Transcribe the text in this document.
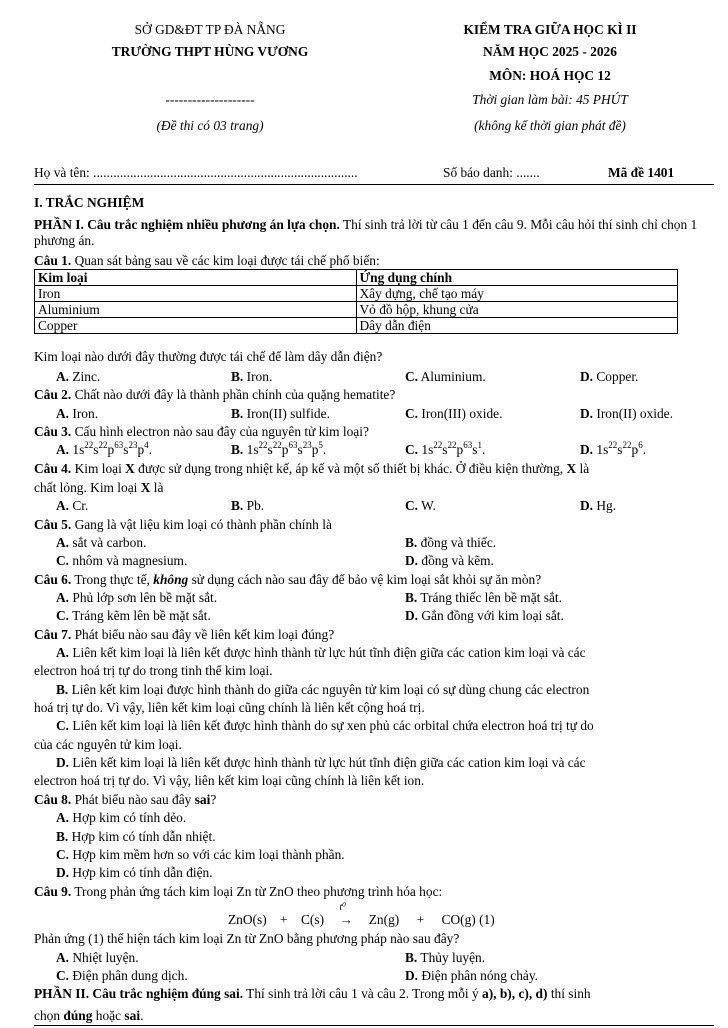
SỞ GD&ĐT TP ĐÀ NẴNG
TRƯỜNG THPT HÙNG VƯƠNG
--------------------
(Đề thi có 03 trang)
KIỂM TRA GIỮA HỌC KÌ II
NĂM HỌC 2025 - 2026
MÔN: HOÁ HỌC 12
Thời gian làm bài: 45 PHÚT
(không kể thời gian phát đề)
Họ và tên: ...............................................................................	Số báo danh: .......	Mã đề 1401
I. TRẮC NGHIỆM
PHẦN I. Câu trắc nghiệm nhiều phương án lựa chọn. Thí sinh trả lời từ câu 1 đến câu 9. Mỗi câu hỏi thí sinh chỉ chọn 1 phương án.
Câu 1. Quan sát bảng sau về các kim loại được tái chế phổ biến:
Kim loại	Ứng dụng chính
Iron	Xây dựng, chế tạo máy
Aluminium	Vỏ đồ hộp, khung cửa
Copper	Dây dẫn điện
Kim loại nào dưới đây thường được tái chế để làm dây dẫn điện?
A. Zinc.	B. Iron.	C. Aluminium.	D. Copper.
Câu 2. Chất nào dưới đây là thành phần chính của quặng hematite?
A. Iron.	B. Iron(II) sulfide.	C. Iron(III) oxide.	D. Iron(II) oxide.
Câu 3. Cấu hình electron nào sau đây của nguyên tử kim loại?
A. $1s^{22}s^{22}p^{63}s^{23}p^4$.	B. $1s^{22}s^{22}p^{63}s^{23}p^5$.	C. $1s^{22}s^{22}p^{63}s^1$.	D. $1s^{22}s^{22}p^6$.
Câu 4. Kim loại X được sử dụng trong nhiệt kế, áp kế và một số thiết bị khác. Ở điều kiện thường, X là
chất lỏng. Kim loại X là
A. Cr.	B. Pb.	C. W.	D. Hg.
Câu 5. Gang là vật liệu kim loại có thành phần chính là
A. sắt và carbon.	B. đồng và thiếc.
C. nhôm và magnesium.	D. đồng và kẽm.
Câu 6. Trong thực tế, không sử dụng cách nào sau đây để bảo vệ kim loại sắt khỏi sự ăn mòn?
A. Phủ lớp sơn lên bề mặt sắt.	B. Tráng thiếc lên bề mặt sắt.
C. Tráng kẽm lên bề mặt sắt.	D. Gắn đồng với kim loại sắt.
Câu 7. Phát biểu nào sau đây về liên kết kim loại đúng?
A. Liên kết kim loại là liên kết được hình thành từ lực hút tĩnh điện giữa các cation kim loại và các
electron hoá trị tự do trong tinh thể kim loại.
B. Liên kết kim loại được hình thành do giữa các nguyên tử kim loại có sự dùng chung các electron
hoá trị tự do. Vì vậy, liên kết kim loại cũng chính là liên kết cộng hoá trị.
C. Liên kết kim loại là liên kết được hình thành do sự xen phủ các orbital chứa electron hoá trị tự do
của các nguyên tử kim loại.
D. Liên kết kim loại là liên kết được hình thành từ lực hút tĩnh điện giữa các cation kim loại và các
electron hoá trị tự do. Vì vậy, liên kết kim loại cũng chính là liên kết ion.
Câu 8. Phát biểu nào sau đây sai?
A. Hợp kim có tính dẻo.
B. Hợp kim có tính dẫn nhiệt.
C. Hợp kim mềm hơn so với các kim loại thành phần.
D. Hợp kim có tính dẫn điện.
Câu 9. Trong phản ứng tách kim loại Zn từ ZnO theo phương trình hóa học:
ZnO(s) + C(s)
t⁰
→ Zn(g) + CO(g) (1)
Phản ứng (1) thể hiện tách kim loại Zn từ ZnO bằng phương pháp nào sau đây?
A. Nhiệt luyện.	B. Thủy luyện.
C. Điện phân dung dịch.	D. Điện phân nóng chảy.
PHẦN II. Câu trắc nghiệm đúng sai. Thí sinh trả lời câu 1 và câu 2. Trong mỗi ý a), b), c), d) thí sinh
chọn đúng hoặc sai.
